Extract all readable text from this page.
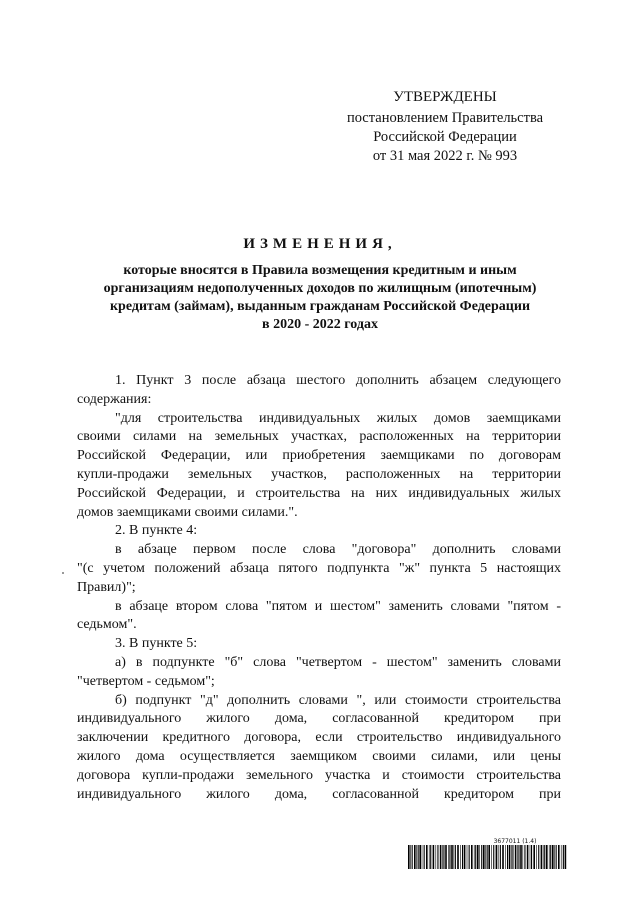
УТВЕРЖДЕНЫ
постановлением Правительства
Российской Федерации
от 31 мая 2022 г. № 993
ИЗМЕНЕНИЯ,
которые вносятся в Правила возмещения кредитным и иным
организациям недополученных доходов по жилищным (ипотечным)
кредитам (займам), выданным гражданам Российской Федерации
в 2020 - 2022 годах
1. Пункт 3 после абзаца шестого дополнить абзацем следующего
содержания:
"для строительства индивидуальных жилых домов заемщиками
своими силами на земельных участках, расположенных на территории
Российской Федерации, или приобретения заемщиками по договорам
купли-продажи земельных участков, расположенных на территории
Российской Федерации, и строительства на них индивидуальных жилых
домов заемщиками своими силами.".
2. В пункте 4:
в абзаце первом после слова "договора" дополнить словами
"(с учетом положений абзаца пятого подпункта "ж" пункта 5 настоящих
Правил)";
в абзаце втором слова "пятом и шестом" заменить словами "пятом -
седьмом".
3. В пункте 5:
а) в подпункте "б" слова "четвертом - шестом" заменить словами
"четвертом - седьмом";
б) подпункт "д" дополнить словами ", или стоимости строительства
индивидуального жилого дома, согласованной кредитором при
заключении кредитного договора, если строительство индивидуального
жилого дома осуществляется заемщиком своими силами, или цены
договора купли-продажи земельного участка и стоимости строительства
индивидуального жилого дома, согласованной кредитором при
3677011 (1.4)
